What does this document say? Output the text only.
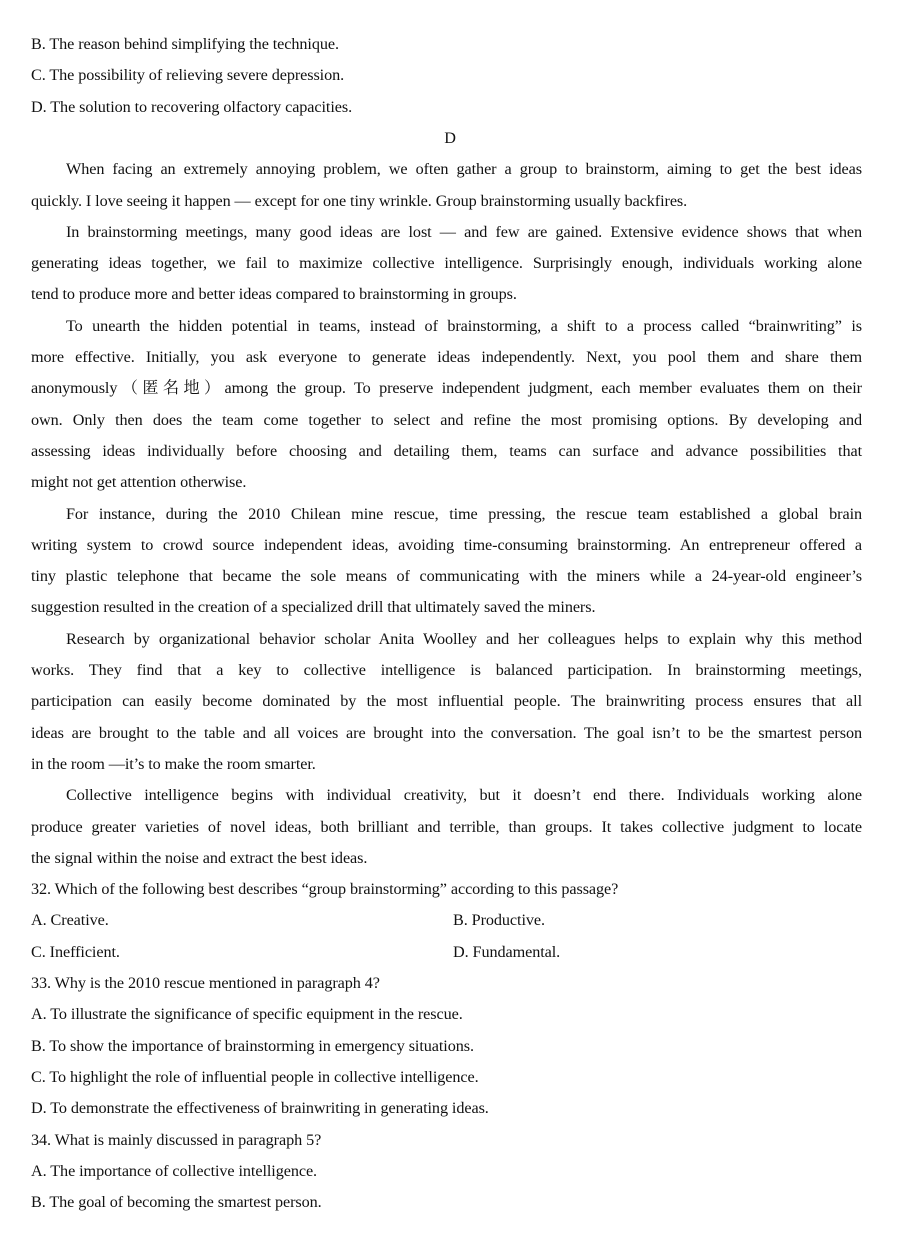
B. The reason behind simplifying the technique.
C. The possibility of relieving severe depression.
D. The solution to recovering olfactory capacities.
D
When facing an extremely annoying problem, we often gather a group to brainstorm, aiming to get the best ideas
quickly. I love seeing it happen — except for one tiny wrinkle. Group brainstorming usually backfires.
In brainstorming meetings, many good ideas are lost — and few are gained. Extensive evidence shows that when
generating ideas together, we fail to maximize collective intelligence. Surprisingly enough, individuals working alone
tend to produce more and better ideas compared to brainstorming in groups.
To unearth the hidden potential in teams, instead of brainstorming, a shift to a process called “brainwriting” is
more effective. Initially, you ask everyone to generate ideas independently. Next, you pool them and share them
anonymously（匿名地）among the group. To preserve independent judgment, each member evaluates them on their
own. Only then does the team come together to select and refine the most promising options. By developing and
assessing ideas individually before choosing and detailing them, teams can surface and advance possibilities that
might not get attention otherwise.
For instance, during the 2010 Chilean mine rescue, time pressing, the rescue team established a global brain
writing system to crowd source independent ideas, avoiding time-consuming brainstorming. An entrepreneur offered a
tiny plastic telephone that became the sole means of communicating with the miners while a 24-year-old engineer’s
suggestion resulted in the creation of a specialized drill that ultimately saved the miners.
Research by organizational behavior scholar Anita Woolley and her colleagues helps to explain why this method
works. They find that a key to collective intelligence is balanced participation. In brainstorming meetings,
participation can easily become dominated by the most influential people. The brainwriting process ensures that all
ideas are brought to the table and all voices are brought into the conversation. The goal isn’t to be the smartest person
in the room —it’s to make the room smarter.
Collective intelligence begins with individual creativity, but it doesn’t end there. Individuals working alone
produce greater varieties of novel ideas, both brilliant and terrible, than groups. It takes collective judgment to locate
the signal within the noise and extract the best ideas.
32. Which of the following best describes “group brainstorming” according to this passage?
A. Creative.	B. Productive.
C. Inefficient.	D. Fundamental.
33. Why is the 2010 rescue mentioned in paragraph 4?
A. To illustrate the significance of specific equipment in the rescue.
B. To show the importance of brainstorming in emergency situations.
C. To highlight the role of influential people in collective intelligence.
D. To demonstrate the effectiveness of brainwriting in generating ideas.
34. What is mainly discussed in paragraph 5?
A. The importance of collective intelligence.
B. The goal of becoming the smartest person.
